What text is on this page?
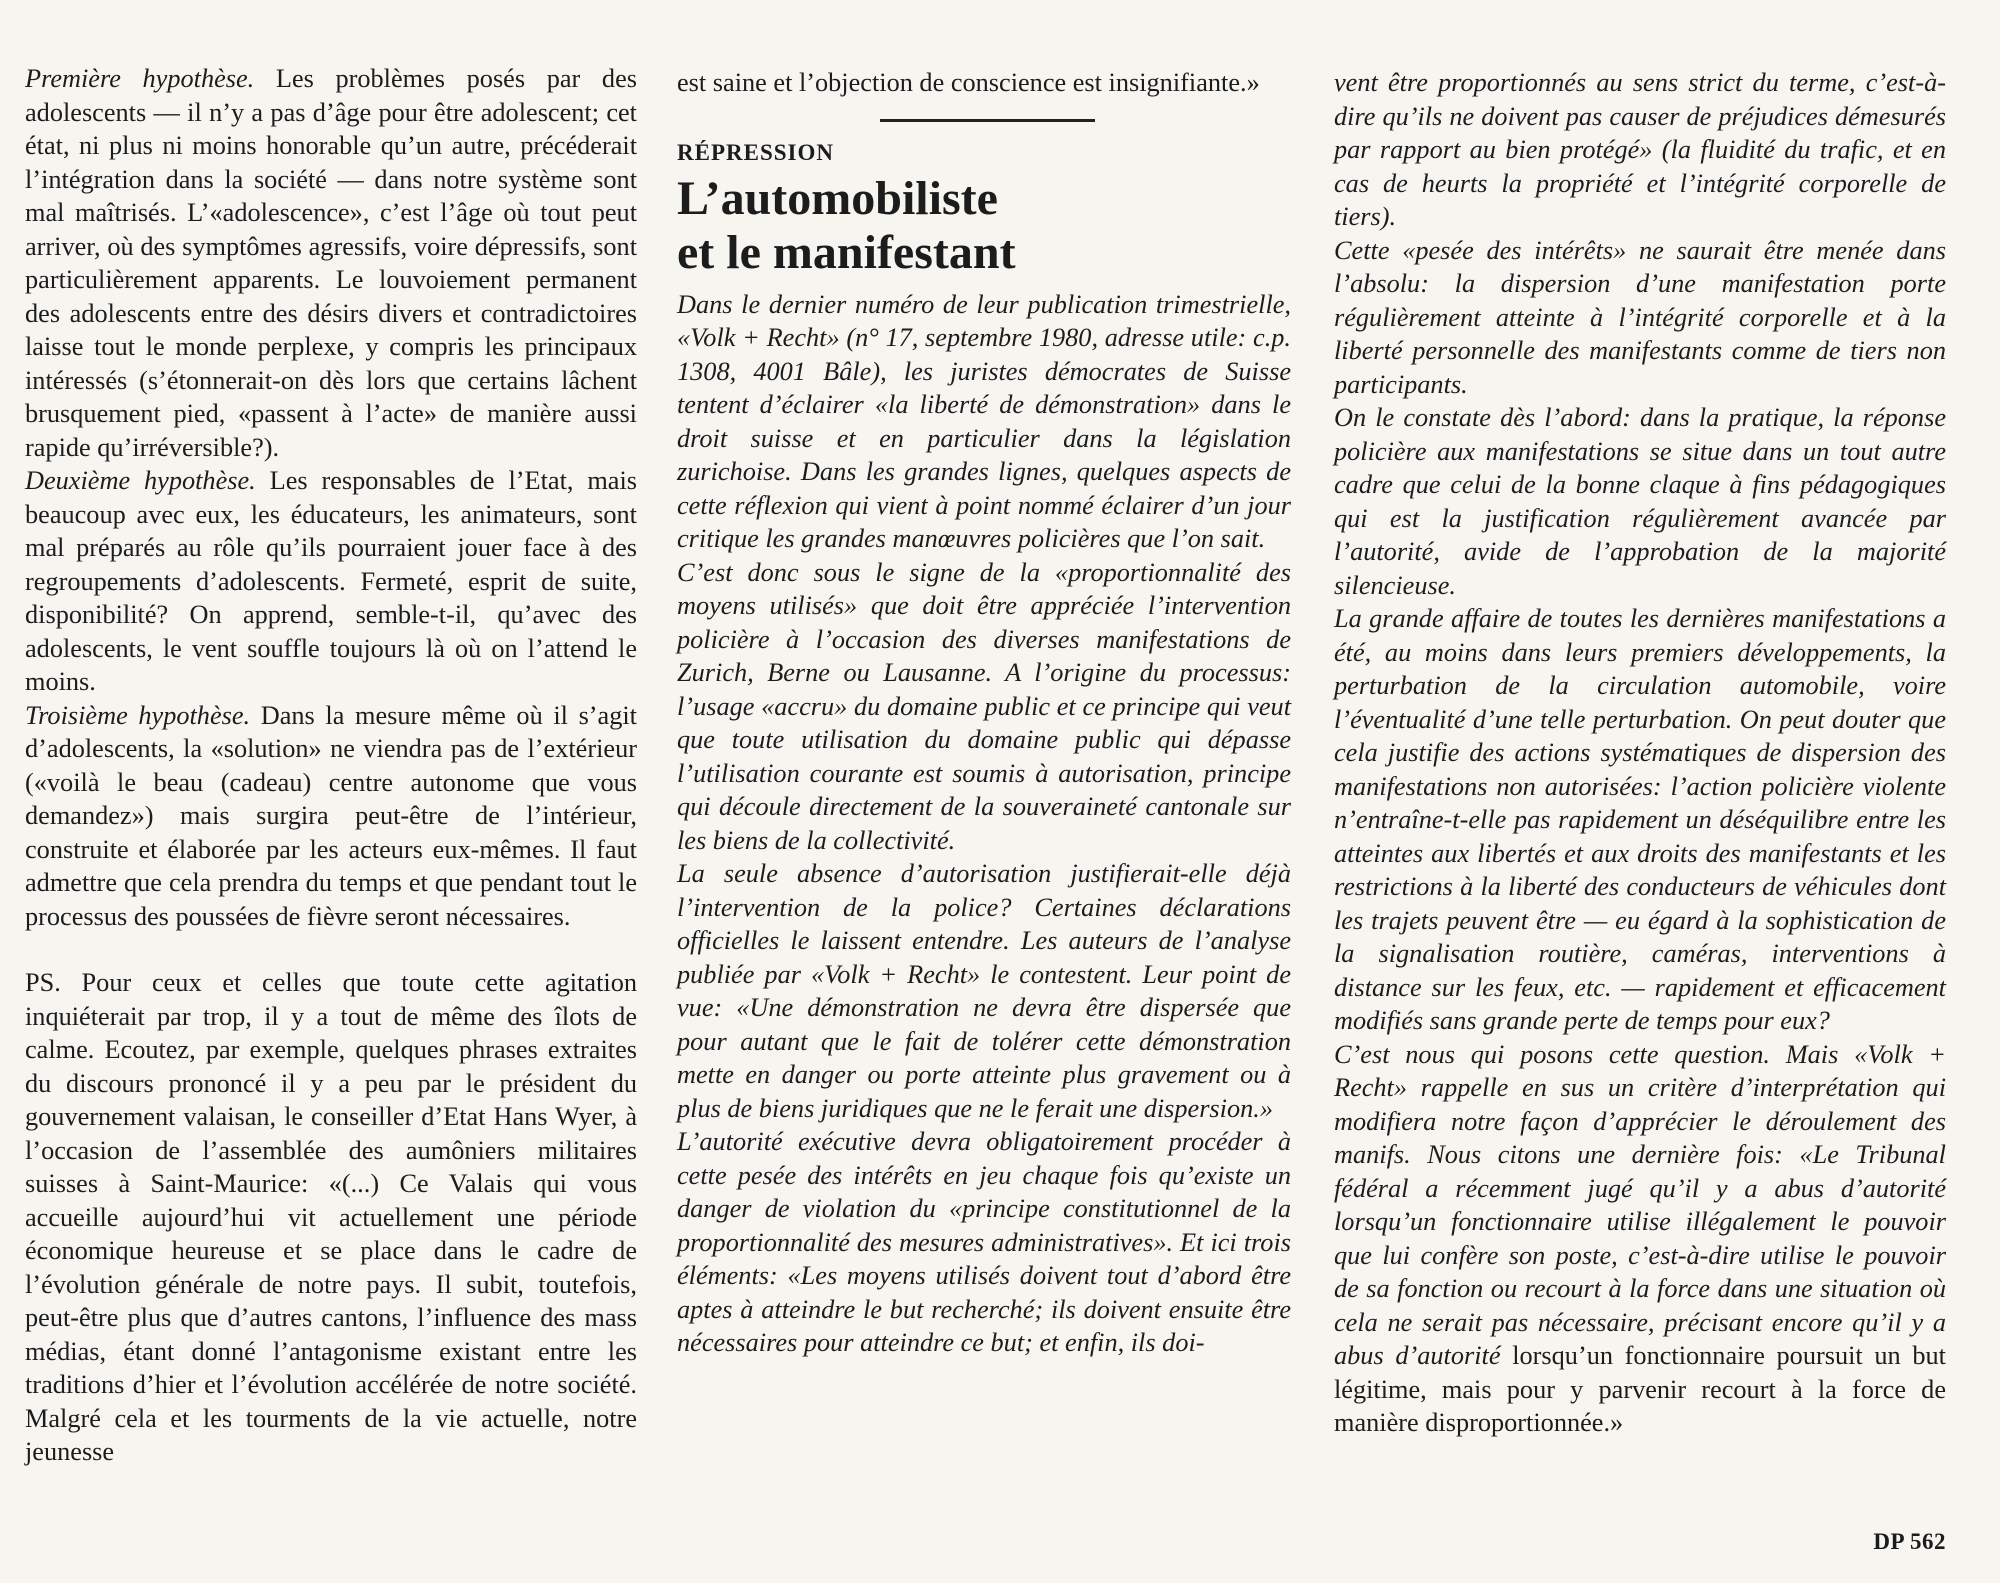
Première hypothèse. Les problèmes posés par des adolescents — il n’y a pas d’âge pour être adolescent; cet état, ni plus ni moins honorable qu’un autre, précéderait l’intégration dans la société — dans notre système sont mal maîtrisés. L’«adolescence», c’est l’âge où tout peut arriver, où des symptômes agressifs, voire dépressifs, sont particulièrement apparents. Le louvoiement permanent des adolescents entre des désirs divers et contradictoires laisse tout le monde perplexe, y compris les principaux intéressés (s’étonnerait-on dès lors que certains lâchent brusquement pied, «passent à l’acte» de manière aussi rapide qu’irréversible?).

Deuxième hypothèse. Les responsables de l’Etat, mais beaucoup avec eux, les éducateurs, les animateurs, sont mal préparés au rôle qu’ils pourraient jouer face à des regroupements d’adolescents. Fermeté, esprit de suite, disponibilité? On apprend, semble-t-il, qu’avec des adolescents, le vent souffle toujours là où on l’attend le moins.

Troisième hypothèse. Dans la mesure même où il s’agit d’adolescents, la «solution» ne viendra pas de l’extérieur («voilà le beau (cadeau) centre autonome que vous demandez») mais surgira peut-être de l’intérieur, construite et élaborée par les acteurs eux-mêmes. Il faut admettre que cela prendra du temps et que pendant tout le processus des poussées de fièvre seront nécessaires.

PS. Pour ceux et celles que toute cette agitation inquiéterait par trop, il y a tout de même des îlots de calme. Ecoutez, par exemple, quelques phrases extraites du discours prononcé il y a peu par le président du gouvernement valaisan, le conseiller d’Etat Hans Wyer, à l’occasion de l’assemblée des aumôniers militaires suisses à Saint-Maurice: «(...) Ce Valais qui vous accueille aujourd’hui vit actuellement une période économique heureuse et se place dans le cadre de l’évolution générale de notre pays. Il subit, toutefois, peut-être plus que d’autres cantons, l’influence des mass médias, étant donné l’antagonisme existant entre les traditions d’hier et l’évolution accélérée de notre société. Malgré cela et les tourments de la vie actuelle, notre jeunesse

est saine et l’objection de conscience est insignifiante.»

RÉPRESSION
L’automobiliste
et le manifestant

Dans le dernier numéro de leur publication trimestrielle, «Volk + Recht» (n° 17, septembre 1980, adresse utile: c.p. 1308, 4001 Bâle), les juristes démocrates de Suisse tentent d’éclairer «la liberté de démonstration» dans le droit suisse et en particulier dans la législation zurichoise. Dans les grandes lignes, quelques aspects de cette réflexion qui vient à point nommé éclairer d’un jour critique les grandes manœuvres policières que l’on sait.

C’est donc sous le signe de la «proportionnalité des moyens utilisés» que doit être appréciée l’intervention policière à l’occasion des diverses manifestations de Zurich, Berne ou Lausanne. A l’origine du processus: l’usage «accru» du domaine public et ce principe qui veut que toute utilisation du domaine public qui dépasse l’utilisation courante est soumis à autorisation, principe qui découle directement de la souveraineté cantonale sur les biens de la collectivité.

La seule absence d’autorisation justifierait-elle déjà l’intervention de la police? Certaines déclarations officielles le laissent entendre. Les auteurs de l’analyse publiée par «Volk + Recht» le contestent. Leur point de vue: «Une démonstration ne devra être dispersée que pour autant que le fait de tolérer cette démonstration mette en danger ou porte atteinte plus gravement ou à plus de biens juridiques que ne le ferait une dispersion.»

L’autorité exécutive devra obligatoirement procéder à cette pesée des intérêts en jeu chaque fois qu’existe un danger de violation du «principe constitutionnel de la proportionnalité des mesures administratives». Et ici trois éléments: «Les moyens utilisés doivent tout d’abord être aptes à atteindre le but recherché; ils doivent ensuite être nécessaires pour atteindre ce but; et enfin, ils doi-

vent être proportionnés au sens strict du terme, c’est-à-dire qu’ils ne doivent pas causer de préjudices démesurés par rapport au bien protégé» (la fluidité du trafic, et en cas de heurts la propriété et l’intégrité corporelle de tiers).

Cette «pesée des intérêts» ne saurait être menée dans l’absolu: la dispersion d’une manifestation porte régulièrement atteinte à l’intégrité corporelle et à la liberté personnelle des manifestants comme de tiers non participants.

On le constate dès l’abord: dans la pratique, la réponse policière aux manifestations se situe dans un tout autre cadre que celui de la bonne claque à fins pédagogiques qui est la justification régulièrement avancée par l’autorité, avide de l’approbation de la majorité silencieuse.

La grande affaire de toutes les dernières manifestations a été, au moins dans leurs premiers développements, la perturbation de la circulation automobile, voire l’éventualité d’une telle perturbation. On peut douter que cela justifie des actions systématiques de dispersion des manifestations non autorisées: l’action policière violente n’entraîne-t-elle pas rapidement un déséquilibre entre les atteintes aux libertés et aux droits des manifestants et les restrictions à la liberté des conducteurs de véhicules dont les trajets peuvent être — eu égard à la sophistication de la signalisation routière, caméras, interventions à distance sur les feux, etc. — rapidement et efficacement modifiés sans grande perte de temps pour eux?

C’est nous qui posons cette question. Mais «Volk + Recht» rappelle en sus un critère d’interprétation qui modifiera notre façon d’apprécier le déroulement des manifs. Nous citons une dernière fois: «Le Tribunal fédéral a récemment jugé qu’il y a abus d’autorité lorsqu’un fonctionnaire utilise illégalement le pouvoir que lui confère son poste, c’est-à-dire utilise le pouvoir de sa fonction ou recourt à la force dans une situation où cela ne serait pas nécessaire, précisant encore qu’il y a abus d’autorité lorsqu’un fonctionnaire poursuit un but légitime, mais pour y parvenir recourt à la force de manière disproportionnée.»

DP 562
